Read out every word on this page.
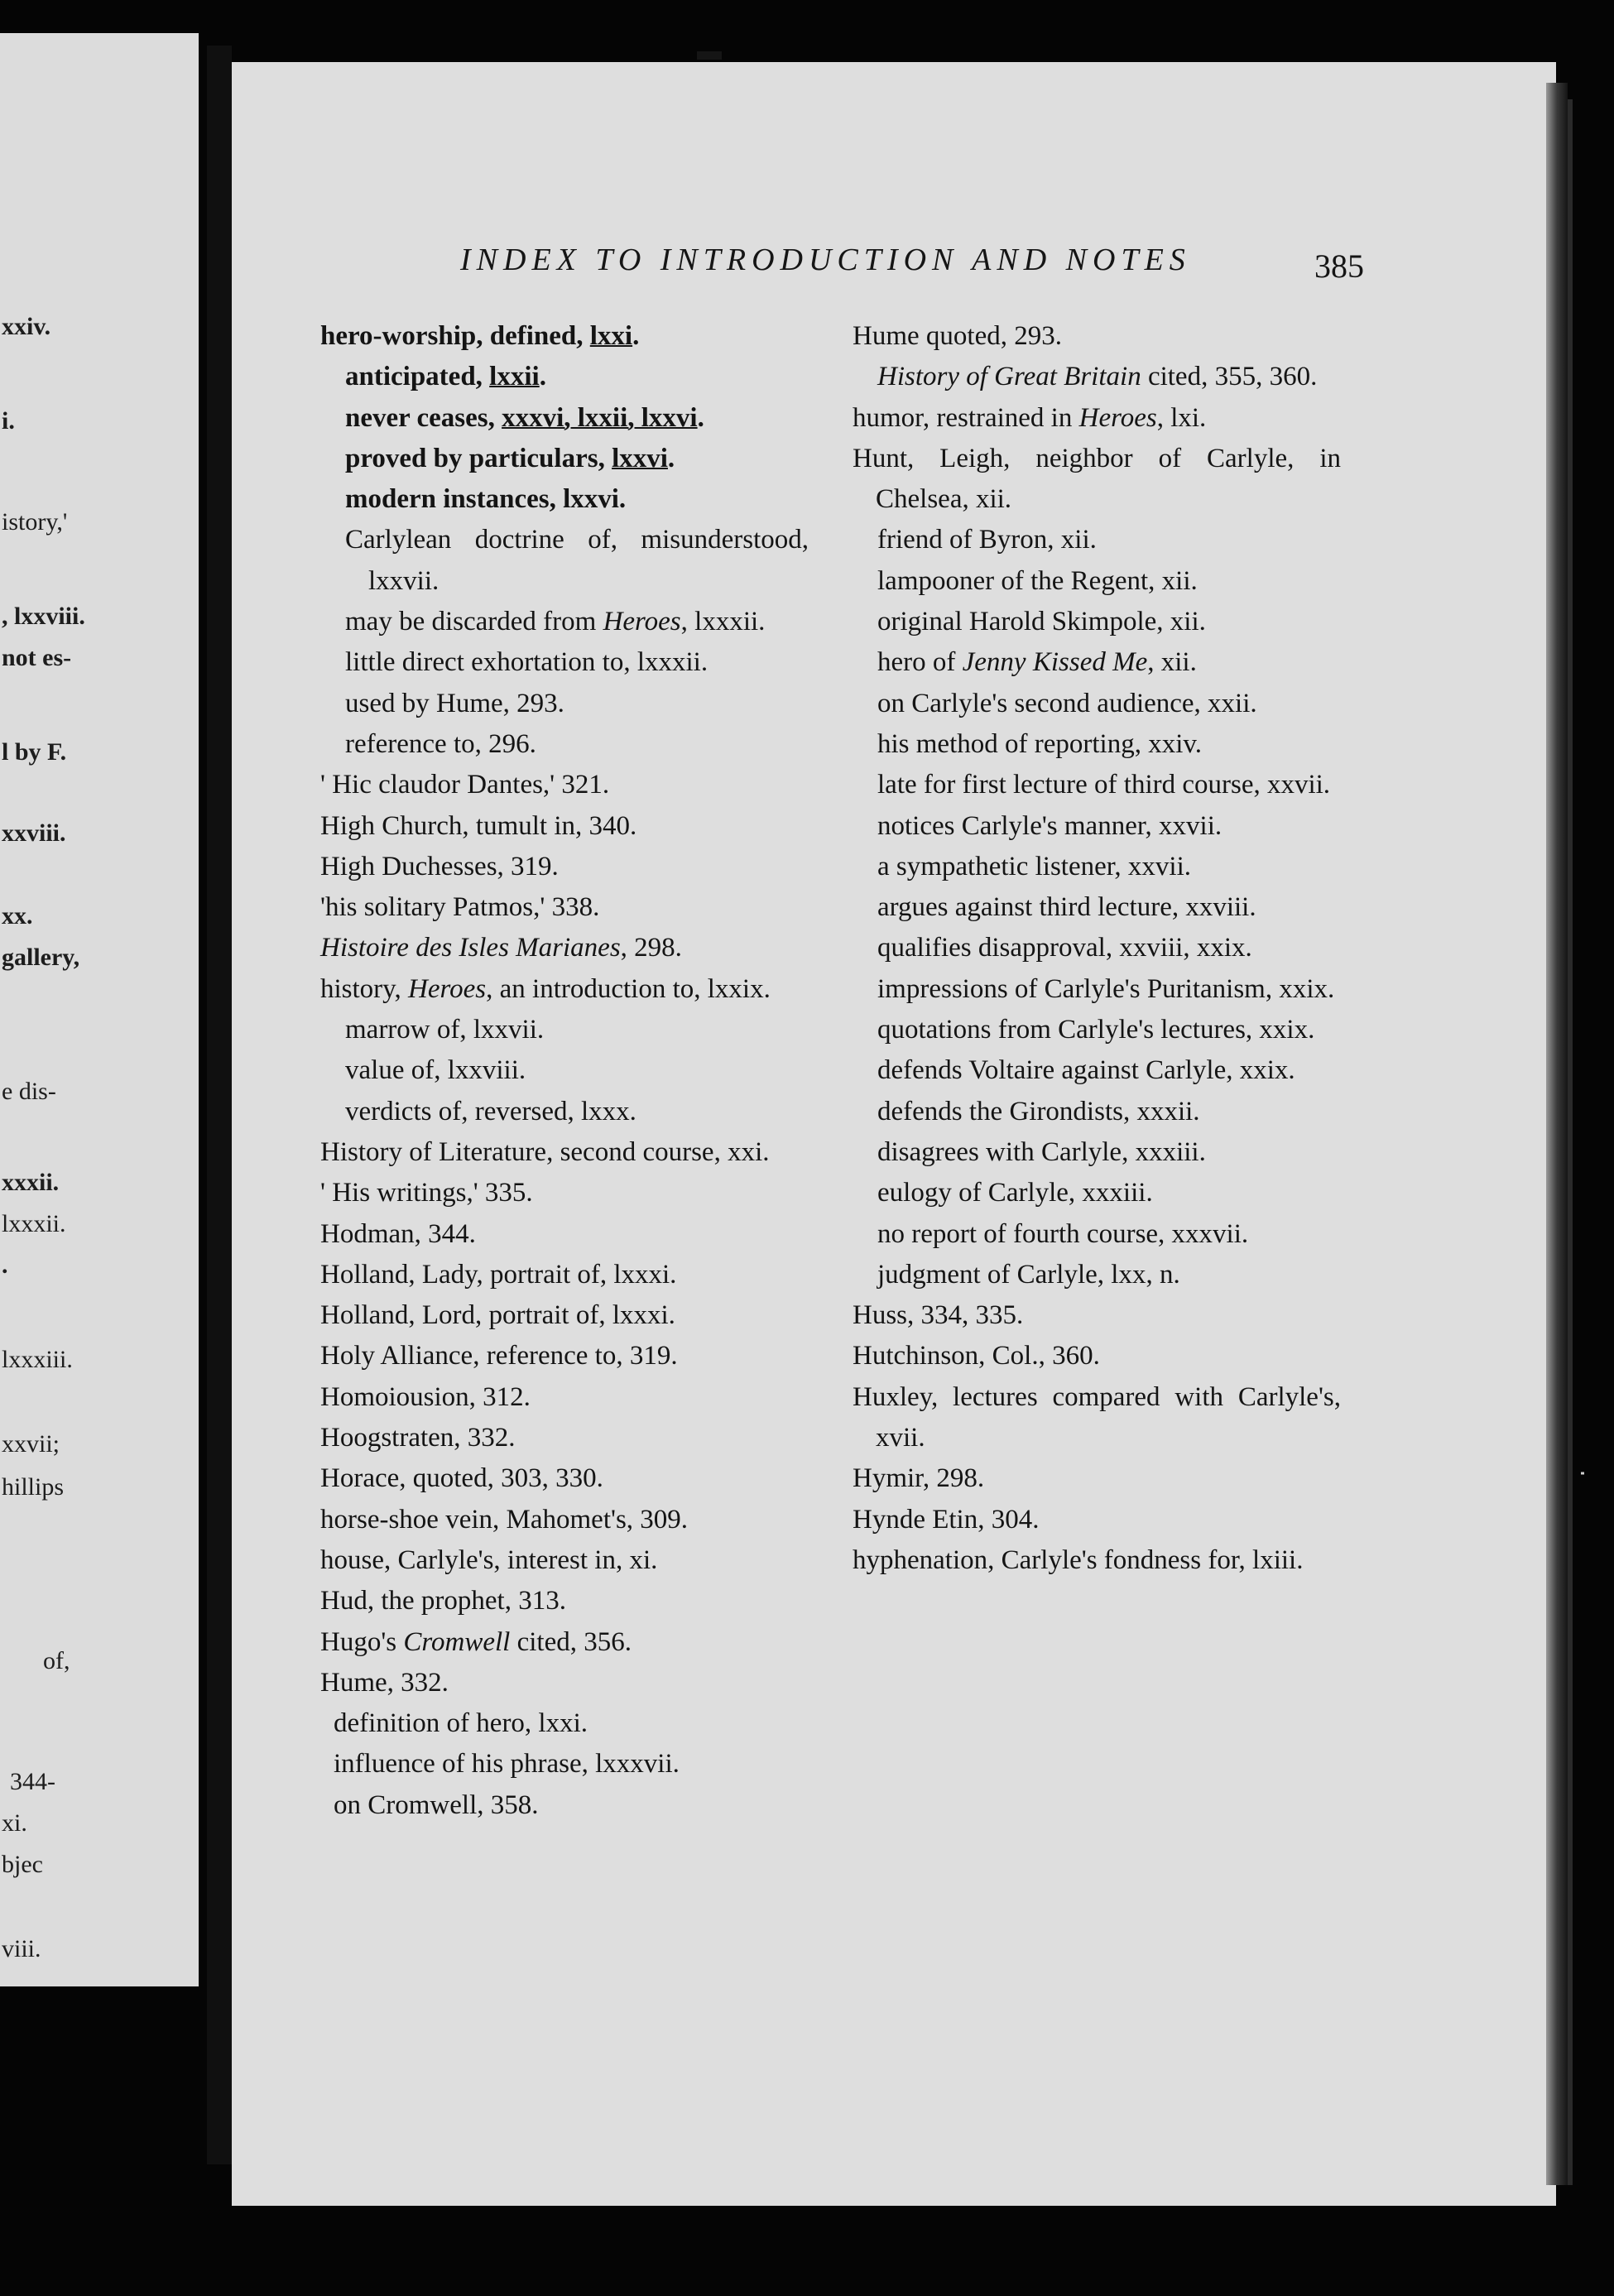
xxiv.

i.

istory,'

, lxxviii.

not es-

l by F.

xxviii.

xx.

gallery,

e dis-

xxxii.

lxxxii.

.

lxxxiii.

xxvii;

hillips

of,

344-

xi.

bjec

viii.

INDEX TO INTRODUCTION AND NOTES	385

hero-worship, defined, lxxi.
anticipated, lxxii.
never ceases, xxxvi, lxxii, lxxvi.
proved by particulars, lxxvi.
modern instances, lxxvi.
Carlylean doctrine of, misunderstood, lxxvii.
may be discarded from Heroes, lxxxii.
little direct exhortation to, lxxxii.
used by Hume, 293.
reference to, 296.
' Hic claudor Dantes,' 321.
High Church, tumult in, 340.
High Duchesses, 319.
'his solitary Patmos,' 338.
Histoire des Isles Marianes, 298.
history, Heroes, an introduction to, lxxix.
marrow of, lxxvii.
value of, lxxviii.
verdicts of, reversed, lxxx.
History of Literature, second course, xxi.
' His writings,' 335.
Hodman, 344.
Holland, Lady, portrait of, lxxxi.
Holland, Lord, portrait of, lxxxi.
Holy Alliance, reference to, 319.
Homoiousion, 312.
Hoogstraten, 332.
Horace, quoted, 303, 330.
horse-shoe vein, Mahomet's, 309.
house, Carlyle's, interest in, xi.
Hud, the prophet, 313.
Hugo's Cromwell cited, 356.
Hume, 332.
definition of hero, lxxi.
influence of his phrase, lxxxvii.
on Cromwell, 358.
Hume quoted, 293.
History of Great Britain cited, 355, 360.
humor, restrained in Heroes, lxi.
Hunt, Leigh, neighbor of Carlyle, in Chelsea, xii.
friend of Byron, xii.
lampooner of the Regent, xii.
original Harold Skimpole, xii.
hero of Jenny Kissed Me, xii.
on Carlyle's second audience, xxii.
his method of reporting, xxiv.
late for first lecture of third course, xxvii.
notices Carlyle's manner, xxvii.
a sympathetic listener, xxvii.
argues against third lecture, xxviii.
qualifies disapproval, xxviii, xxix.
impressions of Carlyle's Puritanism, xxix.
quotations from Carlyle's lectures, xxix.
defends Voltaire against Carlyle, xxix.
defends the Girondists, xxxii.
disagrees with Carlyle, xxxiii.
eulogy of Carlyle, xxxiii.
no report of fourth course, xxxvii.
judgment of Carlyle, lxx, n.
Huss, 334, 335.
Hutchinson, Col., 360.
Huxley, lectures compared with Carlyle's, xvii.
Hymir, 298.
Hynde Etin, 304.
hyphenation, Carlyle's fondness for, lxiii.
